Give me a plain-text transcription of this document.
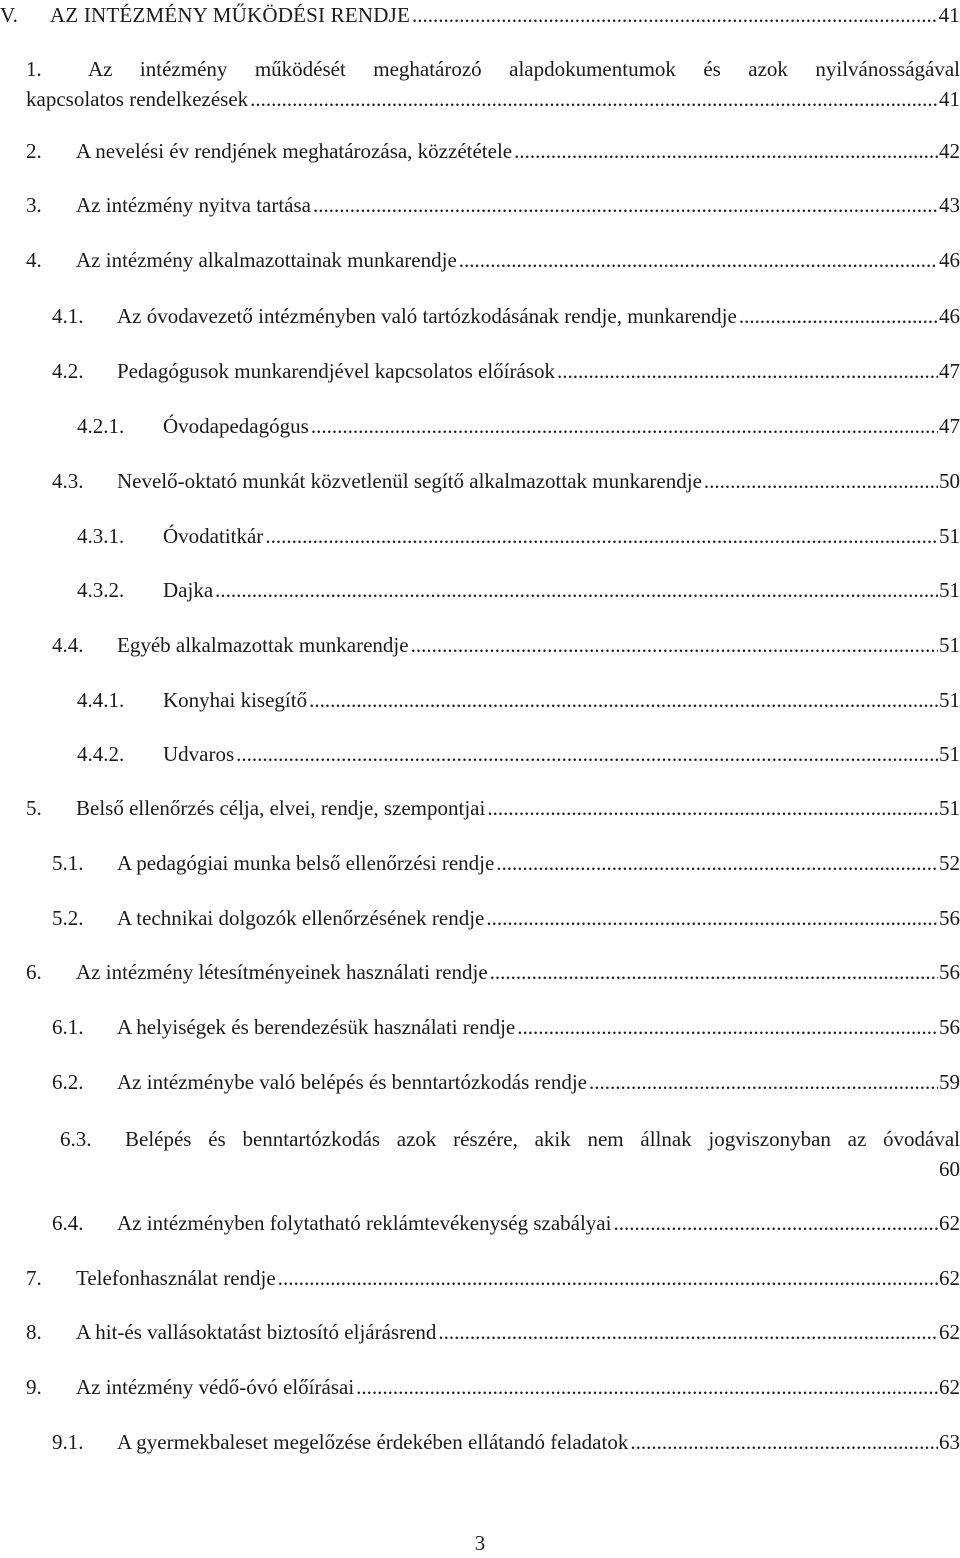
V. AZ INTÉZMÉNY MŰKÖDÉSI RENDJE .....	41
1. Az intézmény működését meghatározó alapdokumentumok és azok nyilvánosságával
kapcsolatos rendelkezések .....	41
2. A nevelési év rendjének meghatározása, közzététele .....	42
3. Az intézmény nyitva tartása .....	43
4. Az intézmény alkalmazottainak munkarendje .....	46
4.1. Az óvodavezető intézményben való tartózkodásának rendje, munkarendje .....	46
4.2. Pedagógusok munkarendjével kapcsolatos előírások .....	47
4.2.1. Óvodapedagógus .....	47
4.3. Nevelő-oktató munkát közvetlenül segítő alkalmazottak munkarendje .....	50
4.3.1. Óvodatitkár .....	51
4.3.2. Dajka .....	51
4.4. Egyéb alkalmazottak munkarendje .....	51
4.4.1. Konyhai kisegítő .....	51
4.4.2. Udvaros .....	51
5. Belső ellenőrzés célja, elvei, rendje, szempontjai .....	51
5.1. A pedagógiai munka belső ellenőrzési rendje .....	52
5.2. A technikai dolgozók ellenőrzésének rendje .....	56
6. Az intézmény létesítményeinek használati rendje .....	56
6.1. A helyiségek és berendezésük használati rendje .....	56
6.2. Az intézménybe való belépés és benntartózkodás rendje .....	59
6.3. Belépés és benntartózkodás azok részére, akik nem állnak jogviszonyban az óvodával
60
6.4. Az intézményben folytatható reklámtevékenység szabályai .....	62
7. Telefonhasználat rendje .....	62
8. A hit-és vallásoktatást biztosító eljárásrend .....	62
9. Az intézmény védő-óvó előírásai .....	62
9.1. A gyermekbaleset megelőzése érdekében ellátandó feladatok .....	63
3
